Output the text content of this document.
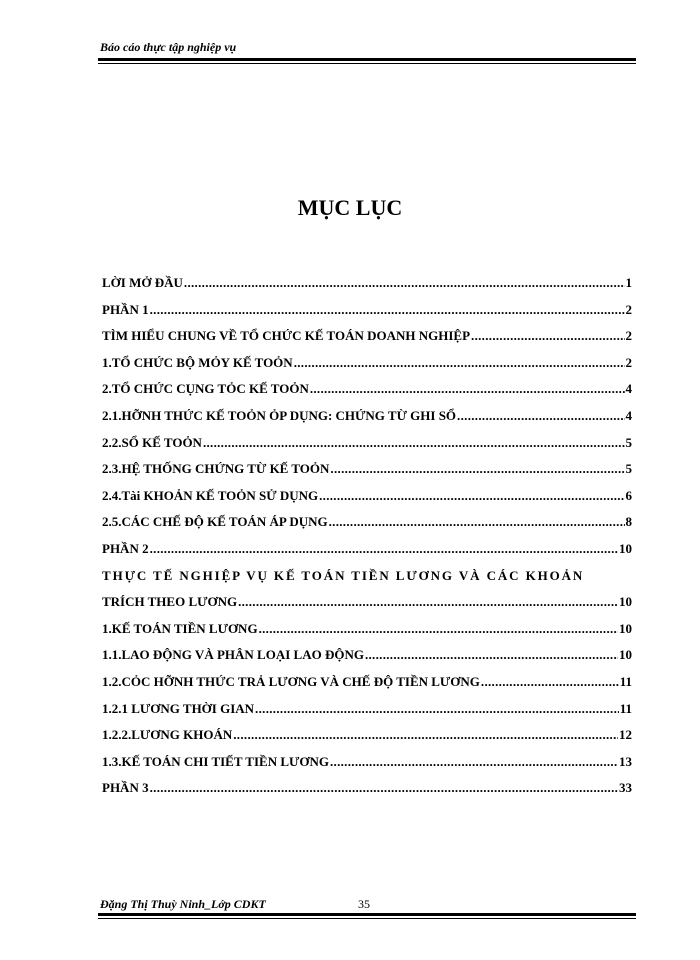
Báo cáo thực tập nghiệp vụ
MỤC LỤC
LỜI MỞ ĐẦU .....	1
PHẦN 1 .....	2
TÌM HIỂU CHUNG VỀ TỔ CHỨC KẾ TOÁN DOANH NGHIỆP .....	2
1.TỔ CHỨC BỘ MỎY KẾ TOỎN .....	2
2.TỔ CHỨC CỤNG TỎC KẾ TOỎN .....	4
2.1.HỠNH THỨC KẾ TOỎN ỎP DỤNG: CHỨNG TỪ GHI SỔ .....	4
2.2.SỔ KẾ TOỎN .....	5
2.3.HỆ THỐNG CHỨNG TỪ KẾ TOỎN .....	5
2.4.Tài KHOẢN KẾ TOỎN SỬ DỤNG .....	6
2.5.CÁC CHẾ ĐỘ KẾ TOÁN ÁP DỤNG .....	8
PHẦN 2 .....	10
THỰC TẾ NGHIỆP VỤ KẾ TOÁN TIỀN LƯƠNG VÀ CÁC KHOẢN
TRÍCH THEO LƯƠNG .....	10
1.KẾ TOÁN TIỀN LƯƠNG .....	10
1.1.LAO ĐỘNG VÀ PHÂN LOẠI LAO ĐỘNG .....	10
1.2.CỎC HỠNH THỨC TRẢ LƯƠNG VÀ CHẾ ĐỘ TIỀN LƯƠNG .....	11
1.2.1 LƯƠNG THỜI GIAN .....	11
1.2.2.LƯƠNG KHOÁN .....	12
1.3.KẾ TOÁN CHI TIẾT TIỀN LƯƠNG .....	13
PHẦN 3 .....	33
Đặng Thị Thuỳ Ninh_Lớp CDKT	35
